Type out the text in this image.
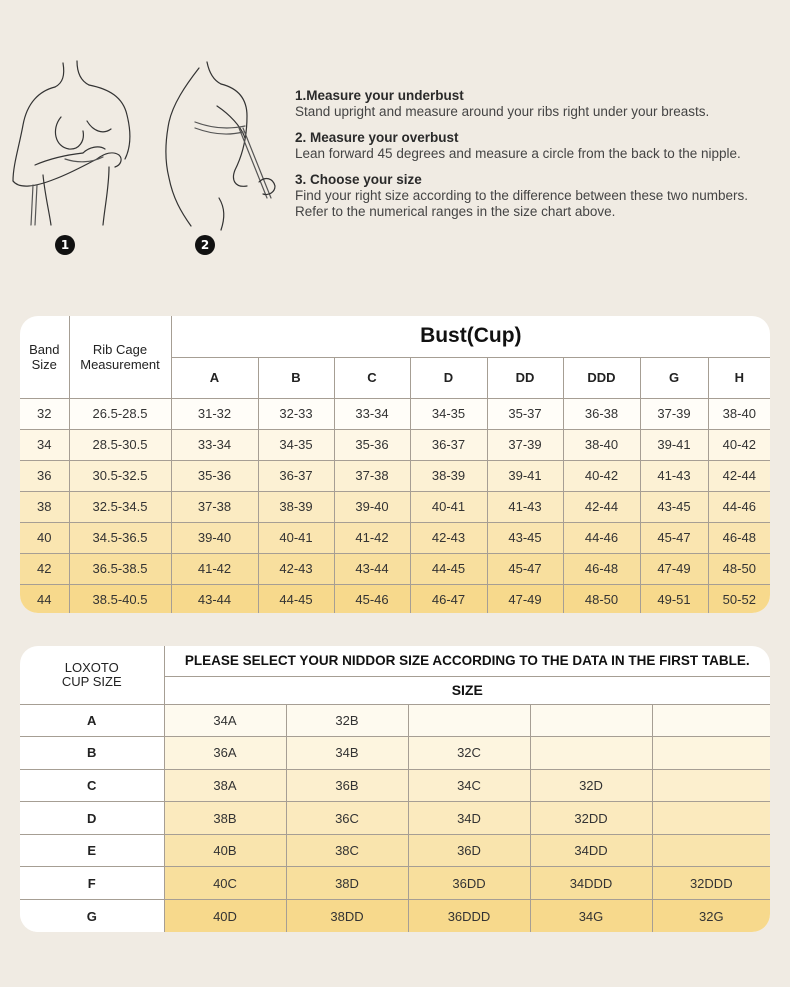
1	2
1.Measure your underbust
Stand upright and measure around your ribs right under your breasts.
2. Measure your overbust
Lean forward 45 degrees and measure a circle from the back to the nipple.
3. Choose your size
Find your right size according to the difference between these two numbers.
Refer to the numerical ranges in the size chart above.
Band Size	Rib Cage Measurement	Bust(Cup)							
		A	B	C	D	DD	DDD	G	H
32	26.5-28.5	31-32	32-33	33-34	34-35	35-37	36-38	37-39	38-40
34	28.5-30.5	33-34	34-35	35-36	36-37	37-39	38-40	39-41	40-42
36	30.5-32.5	35-36	36-37	37-38	38-39	39-41	40-42	41-43	42-44
38	32.5-34.5	37-38	38-39	39-40	40-41	41-43	42-44	43-45	44-46
40	34.5-36.5	39-40	40-41	41-42	42-43	43-45	44-46	45-47	46-48
42	36.5-38.5	41-42	42-43	43-44	44-45	45-47	46-48	47-49	48-50
44	38.5-40.5	43-44	44-45	45-46	46-47	47-49	48-50	49-51	50-52
LOXOTO CUP SIZE	PLEASE SELECT YOUR NIDDOR SIZE ACCORDING TO THE DATA IN THE FIRST TABLE.				
	SIZE				
A	34A	32B			
B	36A	34B	32C		
C	38A	36B	34C	32D	
D	38B	36C	34D	32DD	
E	40B	38C	36D	34DD	
F	40C	38D	36DD	34DDD	32DDD
G	40D	38DD	36DDD	34G	32G
